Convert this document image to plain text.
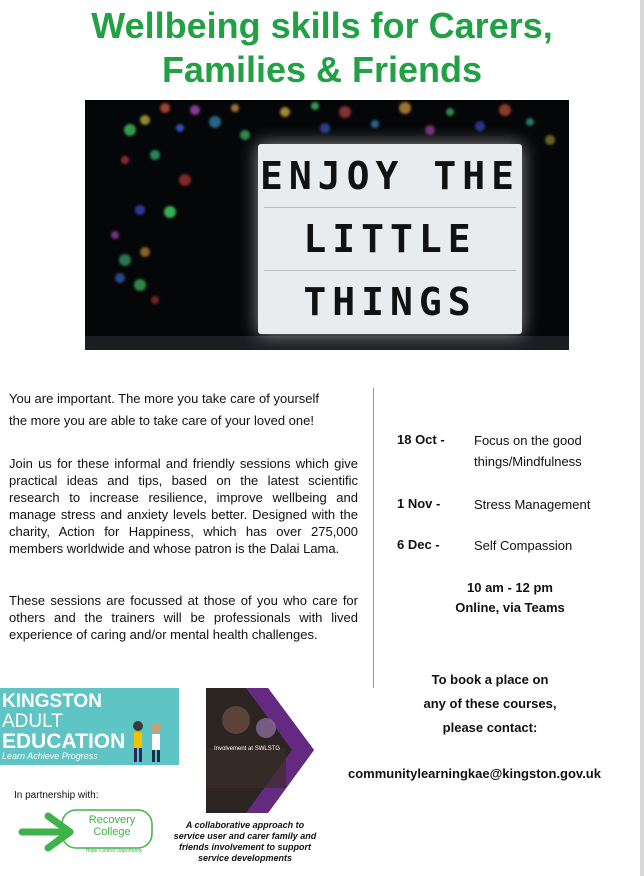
Wellbeing skills for Carers,
Families & Friends
ENJOY THE
LITTLE
THINGS
You are important. The more you take care of yourself
the more you are able to take care of your loved one!
Join us for these informal and friendly sessions which give practical ideas and tips, based on the latest scientific research to increase resilience, improve wellbeing and manage stress and anxiety levels better. Designed with the charity, Action for Happiness, which has over 275,000 members worldwide and whose patron is the Dalai Lama.
These sessions are focussed at those of you who care for others and the trainers will be professionals with lived experience of caring and/or mental health challenges.
18 Oct - Focus on the good things/Mindfulness
1 Nov -	Stress Management
6 Dec -	Self Compassion
10 am - 12 pm
Online, via Teams
To book a place on
any of these courses,
please contact:
communitylearningkae@kingston.gov.uk
KINGSTON
ADULT
EDUCATION
Learn Achieve Progress
In partnership with:
Recovery
College
Hope Control Opportunity
Involvement at SWLSTG
A collaborative approach to
service user and carer family and
friends involvement to support
service developments
